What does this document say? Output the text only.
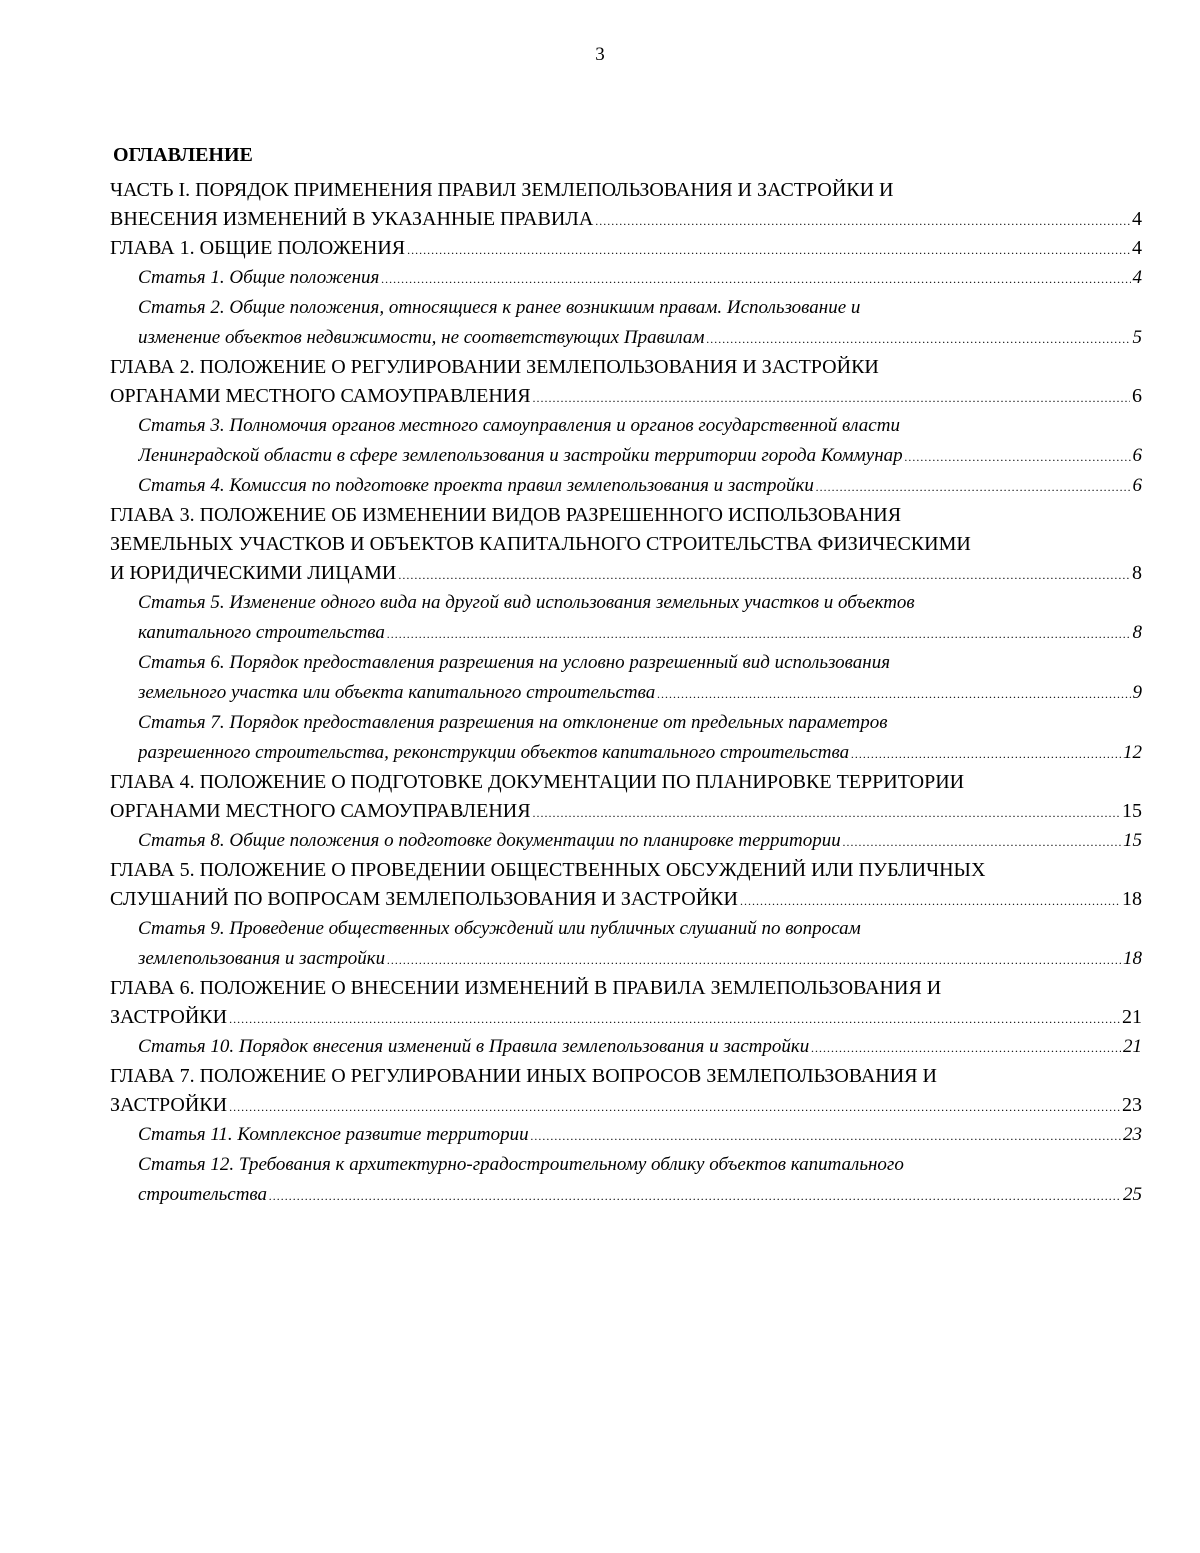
3
ОГЛАВЛЕНИЕ
ЧАСТЬ I. ПОРЯДОК ПРИМЕНЕНИЯ ПРАВИЛ ЗЕМЛЕПОЛЬЗОВАНИЯ И ЗАСТРОЙКИ И
ВНЕСЕНИЯ ИЗМЕНЕНИЙ В УКАЗАННЫЕ ПРАВИЛА .....	4
ГЛАВА 1. ОБЩИЕ ПОЛОЖЕНИЯ .....	4
Статья 1. Общие положения .....	4
Статья 2. Общие положения, относящиеся к ранее возникшим правам. Использование и
изменение объектов недвижимости, не соответствующих Правилам .....	5
ГЛАВА 2. ПОЛОЖЕНИЕ О РЕГУЛИРОВАНИИ ЗЕМЛЕПОЛЬЗОВАНИЯ И ЗАСТРОЙКИ
ОРГАНАМИ МЕСТНОГО САМОУПРАВЛЕНИЯ .....	6
Статья 3. Полномочия органов местного самоуправления и органов государственной власти
Ленинградской области в сфере землепользования и застройки территории города Коммунар .....	6
Статья 4. Комиссия по подготовке проекта правил землепользования и застройки .....	6
ГЛАВА 3. ПОЛОЖЕНИЕ ОБ ИЗМЕНЕНИИ ВИДОВ РАЗРЕШЕННОГО ИСПОЛЬЗОВАНИЯ
ЗЕМЕЛЬНЫХ УЧАСТКОВ И ОБЪЕКТОВ КАПИТАЛЬНОГО СТРОИТЕЛЬСТВА ФИЗИЧЕСКИМИ
И ЮРИДИЧЕСКИМИ ЛИЦАМИ .....	8
Статья 5. Изменение одного вида на другой вид использования земельных участков и объектов
капитального строительства .....	8
Статья 6. Порядок предоставления разрешения на условно разрешенный вид использования
земельного участка или объекта капитального строительства .....	9
Статья 7. Порядок предоставления разрешения на отклонение от предельных параметров
разрешенного строительства, реконструкции объектов капитального строительства .....	12
ГЛАВА 4. ПОЛОЖЕНИЕ О ПОДГОТОВКЕ ДОКУМЕНТАЦИИ ПО ПЛАНИРОВКЕ ТЕРРИТОРИИ
ОРГАНАМИ МЕСТНОГО САМОУПРАВЛЕНИЯ .....	15
Статья 8. Общие положения о подготовке документации по планировке территории .....	15
ГЛАВА 5. ПОЛОЖЕНИЕ О ПРОВЕДЕНИИ ОБЩЕСТВЕННЫХ ОБСУЖДЕНИЙ ИЛИ ПУБЛИЧНЫХ
СЛУШАНИЙ ПО ВОПРОСАМ ЗЕМЛЕПОЛЬЗОВАНИЯ И ЗАСТРОЙКИ .....	18
Статья 9. Проведение общественных обсуждений или публичных слушаний по вопросам
землепользования и застройки .....	18
ГЛАВА 6. ПОЛОЖЕНИЕ О ВНЕСЕНИИ ИЗМЕНЕНИЙ В ПРАВИЛА ЗЕМЛЕПОЛЬЗОВАНИЯ И
ЗАСТРОЙКИ .....	21
Статья 10. Порядок внесения изменений в Правила землепользования и застройки .....	21
ГЛАВА 7. ПОЛОЖЕНИЕ О РЕГУЛИРОВАНИИ ИНЫХ ВОПРОСОВ ЗЕМЛЕПОЛЬЗОВАНИЯ И
ЗАСТРОЙКИ .....	23
Статья 11. Комплексное развитие территории .....	23
Статья 12. Требования к архитектурно-градостроительному облику объектов капитального
строительства .....	25
